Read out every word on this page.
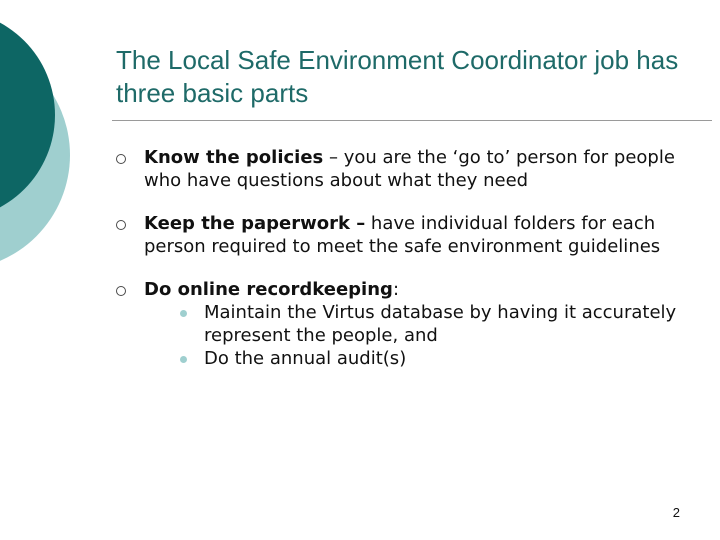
The Local Safe Environment Coordinator job has three basic parts
Know the policies – you are the ‘go to’ person for people who have questions about what they need
Keep the paperwork – have individual folders for each person required to meet the safe environment guidelines
Do online recordkeeping:
Maintain the Virtus database by having it accurately represent the people, and
Do the annual audit(s)
2
